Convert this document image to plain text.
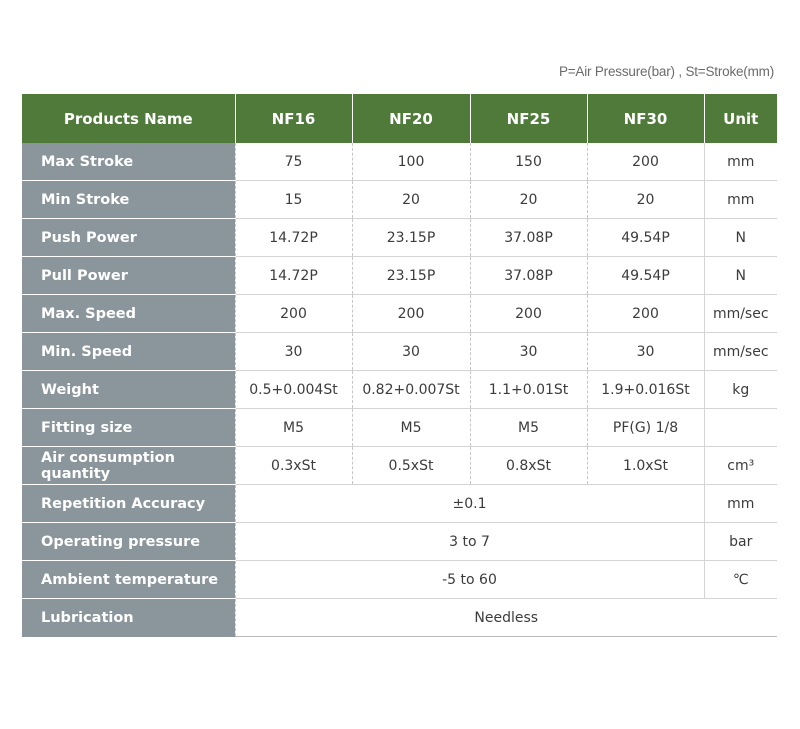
P=Air Pressure(bar) , St=Stroke(mm)
Products Name	NF16	NF20	NF25	NF30	Unit
Max Stroke	75	100	150	200	mm
Min Stroke	15	20	20	20	mm
Push Power	14.72P	23.15P	37.08P	49.54P	N
Pull Power	14.72P	23.15P	37.08P	49.54P	N
Max. Speed	200	200	200	200	mm/sec
Min. Speed	30	30	30	30	mm/sec
Weight	0.5+0.004St	0.82+0.007St	1.1+0.01St	1.9+0.016St	kg
Fitting size	M5	M5	M5	PF(G) 1/8	
Air consumption quantity	0.3xSt	0.5xSt	0.8xSt	1.0xSt	cm³
Repetition Accuracy	±0.1				mm
Operating pressure	3 to 7				bar
Ambient temperature	-5 to 60				℃
Lubrication	Needless				
